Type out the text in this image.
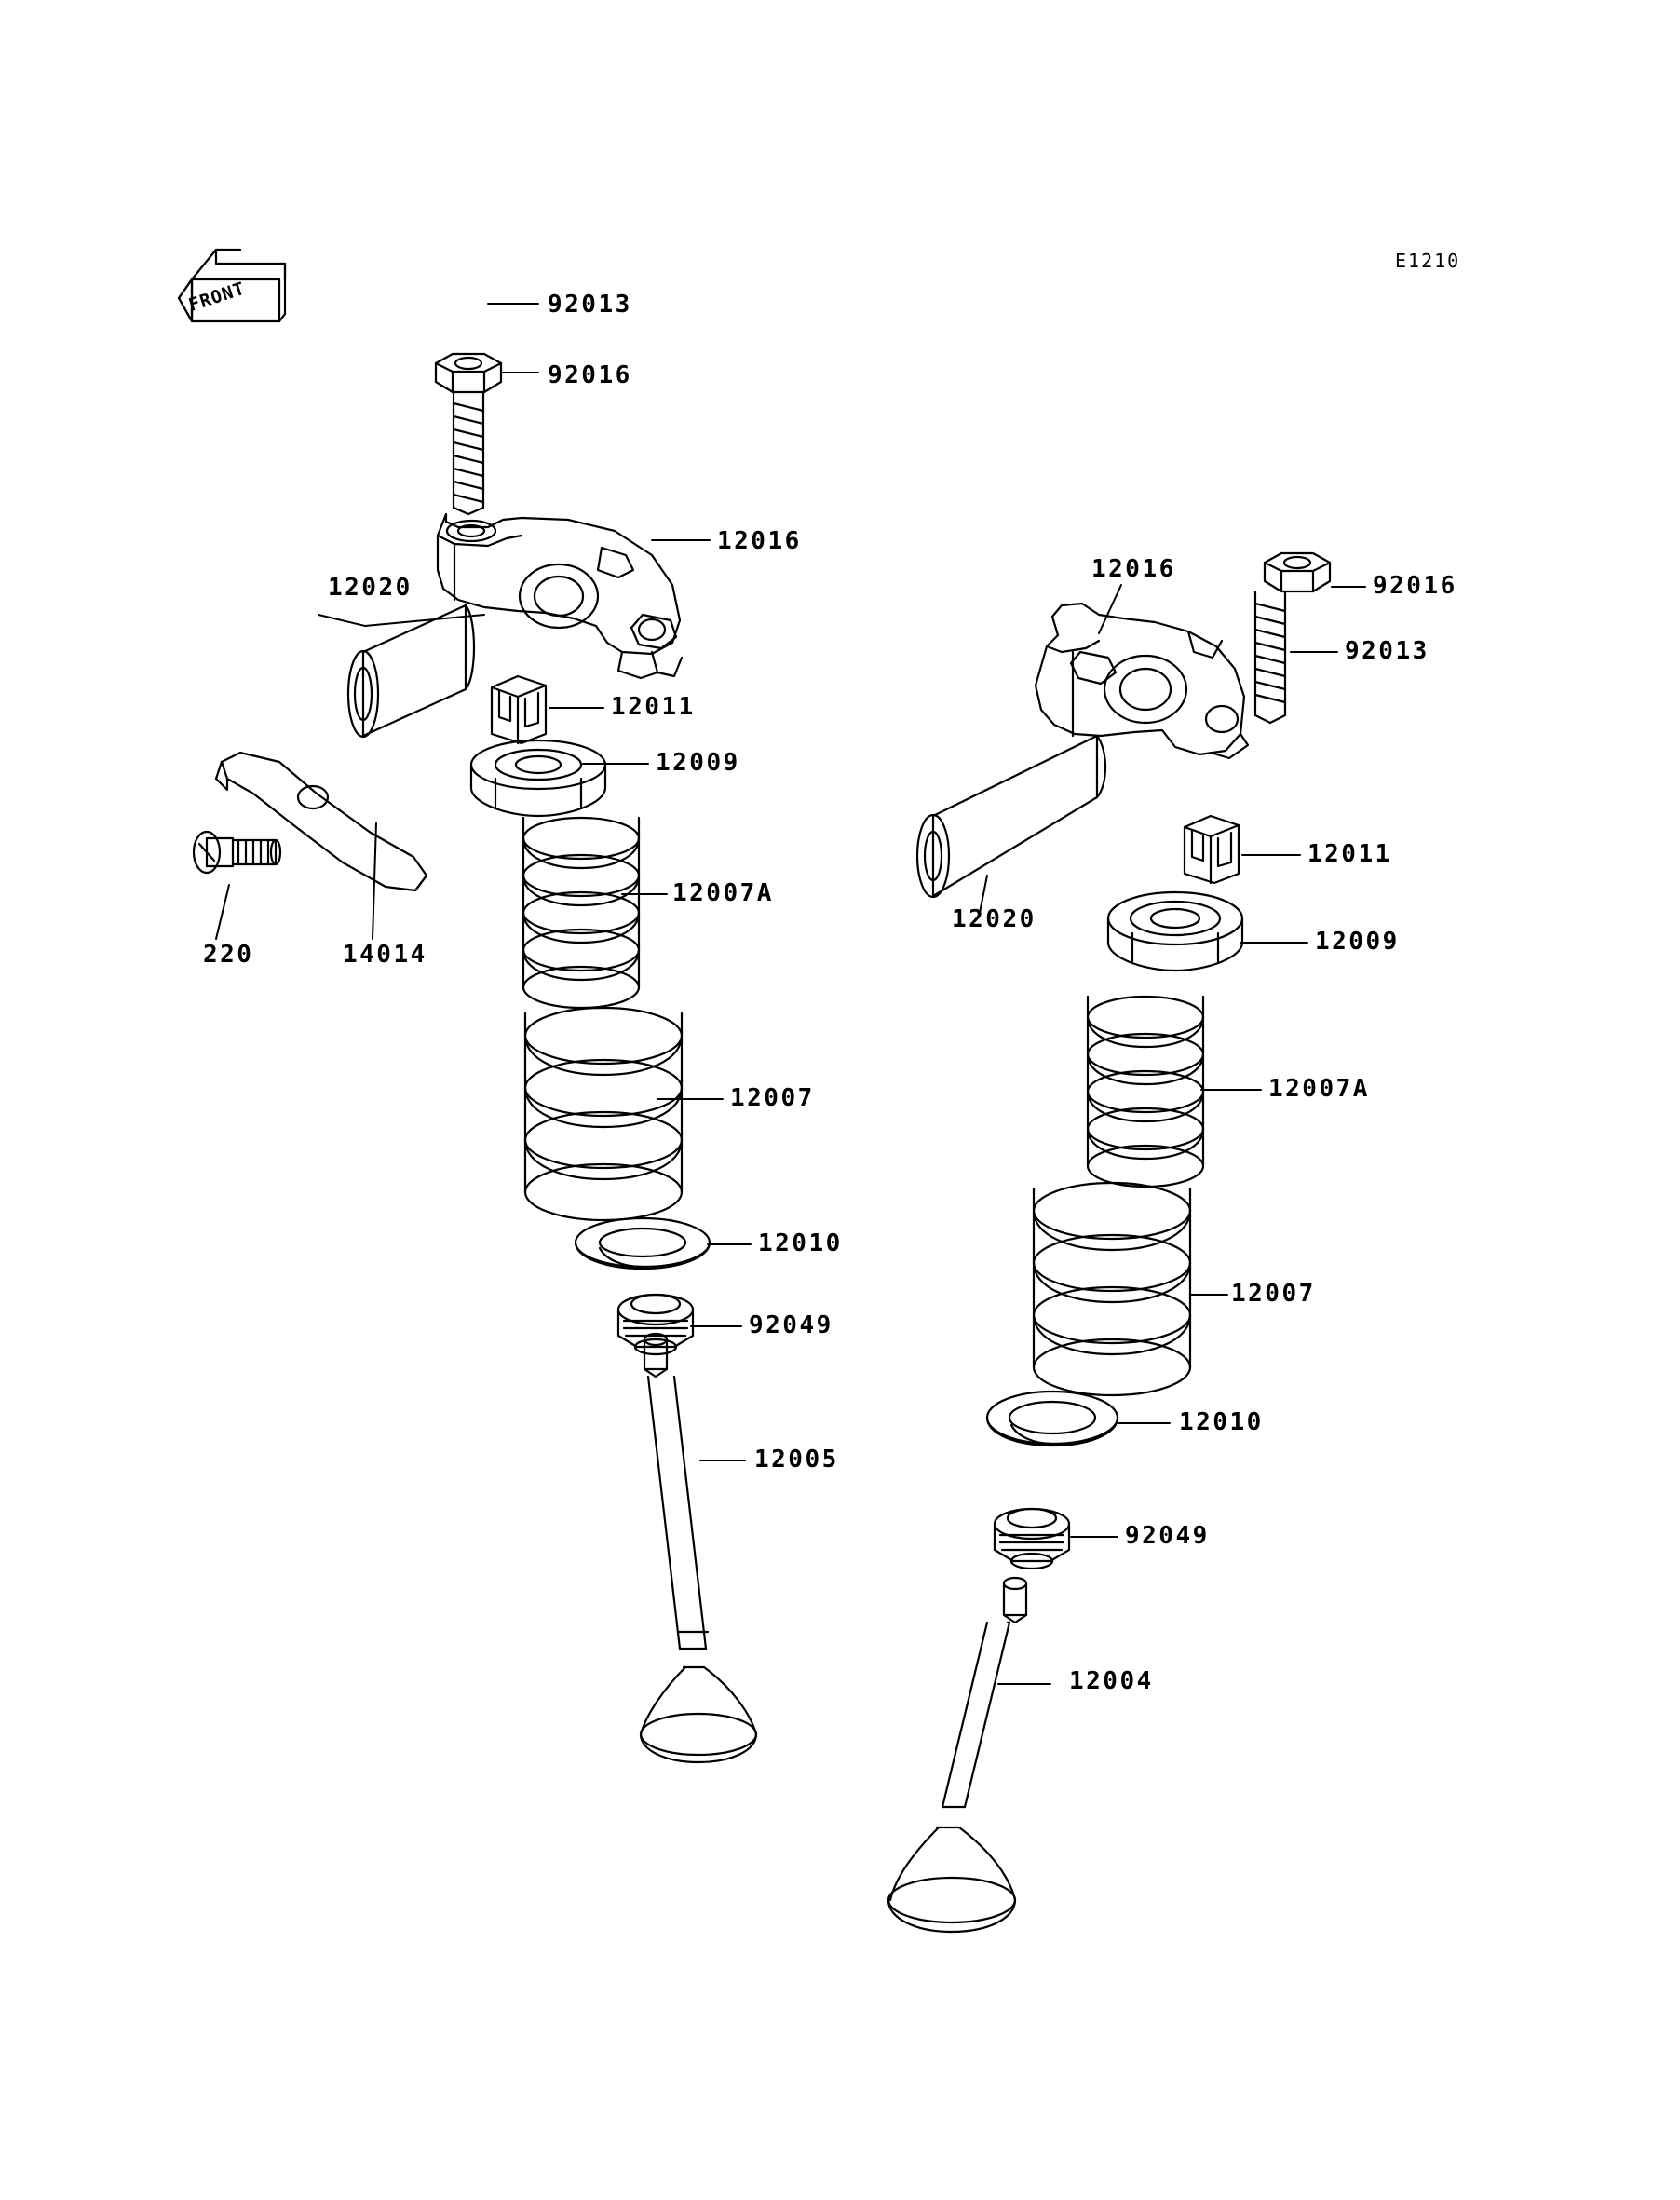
E1210
FRONT
92016
92013
12016
12020
12011
12009
12007A
220	14014
12007
12010
92049
12005
12016
92016
92013
12020
12011
12009
12007A
12007
12010
92049
12004
